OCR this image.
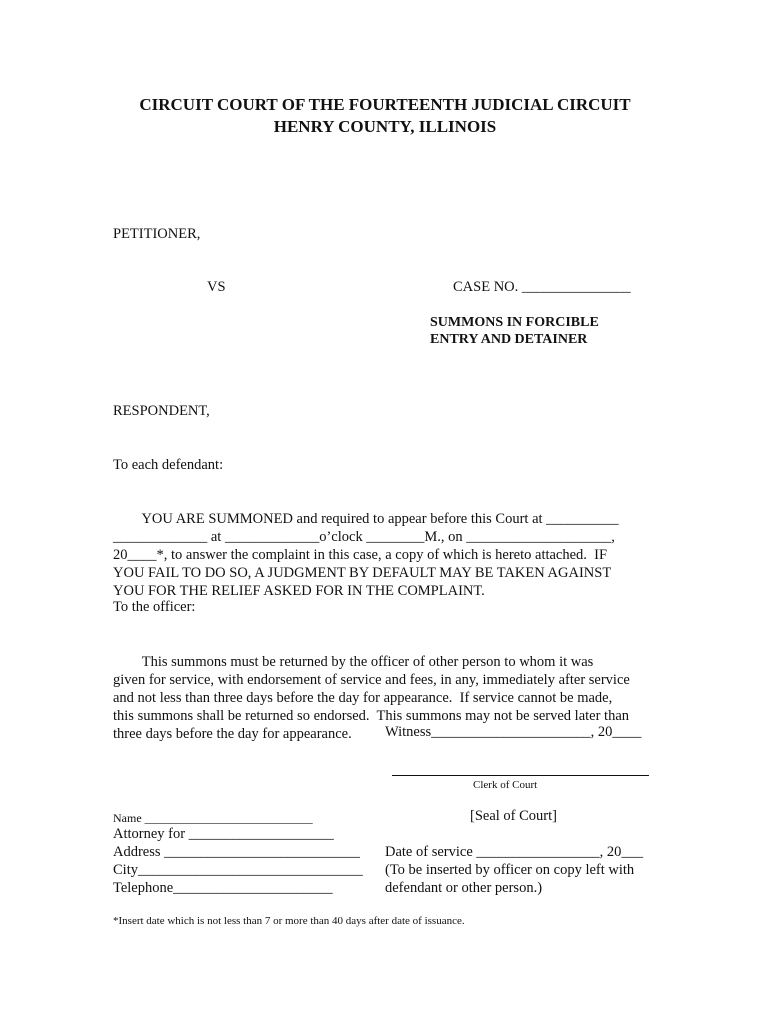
CIRCUIT COURT OF THE FOURTEENTH JUDICIAL CIRCUIT
HENRY COUNTY, ILLINOIS
PETITIONER,
VS	CASE NO. _______________
SUMMONS IN FORCIBLE
ENTRY AND DETAINER
RESPONDENT,
To each defendant:

YOU ARE SUMMONED and required to appear before this Court at __________
_____________ at _____________o’clock ________M., on ____________________,
20____*, to answer the complaint in this case, a copy of which is hereto attached.  IF
YOU FAIL TO DO SO, A JUDGMENT BY DEFAULT MAY BE TAKEN AGAINST
YOU FOR THE RELIEF ASKED FOR IN THE COMPLAINT.

To the officer:

This summons must be returned by the officer of other person to whom it was
given for service, with endorsement of service and fees, in any, immediately after service
and not less than three days before the day for appearance.  If service cannot be made,
this summons shall be returned so endorsed.  This summons may not be served later than
three days before the day for appearance.	Witness______________________, 20____
Clerk of Court
[Seal of Court]
Name ____________________________
Attorney for ____________________
Address ___________________________
City_______________________________
Telephone______________________
Date of service _________________, 20___
(To be inserted by officer on copy left with
defendant or other person.)
*Insert date which is not less than 7 or more than 40 days after date of issuance.
